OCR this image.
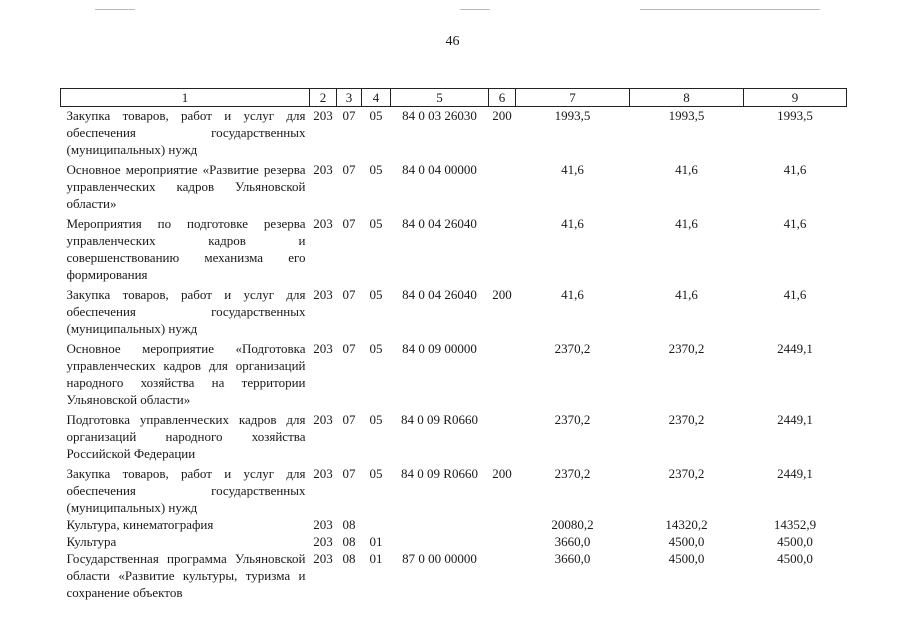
46
1	2	3	4	5	6	7	8	9
Закупка товаров, работ и услуг для обеспечения государственных (муниципальных) нужд	203	07	05	84 0 03 26030	200	1993,5	1993,5	1993,5
Основное мероприятие «Развитие резерва управленческих кадров Ульяновской области»	203	07	05	84 0 04 00000		41,6	41,6	41,6
Мероприятия по подготовке резерва управленческих кадров и совершенствованию механизма его формирования	203	07	05	84 0 04 26040		41,6	41,6	41,6
Закупка товаров, работ и услуг для обеспечения государственных (муниципальных) нужд	203	07	05	84 0 04 26040	200	41,6	41,6	41,6
Основное мероприятие «Подготовка управленческих кадров для организаций народного хозяйства на территории Ульяновской области»	203	07	05	84 0 09 00000		2370,2	2370,2	2449,1
Подготовка управленческих кадров для организаций народного хозяйства Российской Федерации	203	07	05	84 0 09 R0660		2370,2	2370,2	2449,1
Закупка товаров, работ и услуг для обеспечения государственных (муниципальных) нужд	203	07	05	84 0 09 R0660	200	2370,2	2370,2	2449,1
Культура, кинематография	203	08				20080,2	14320,2	14352,9
Культура	203	08	01			3660,0	4500,0	4500,0
Государственная программа Ульяновской области «Развитие культуры, туризма и сохранение объектов	203	08	01	87 0 00 00000		3660,0	4500,0	4500,0
